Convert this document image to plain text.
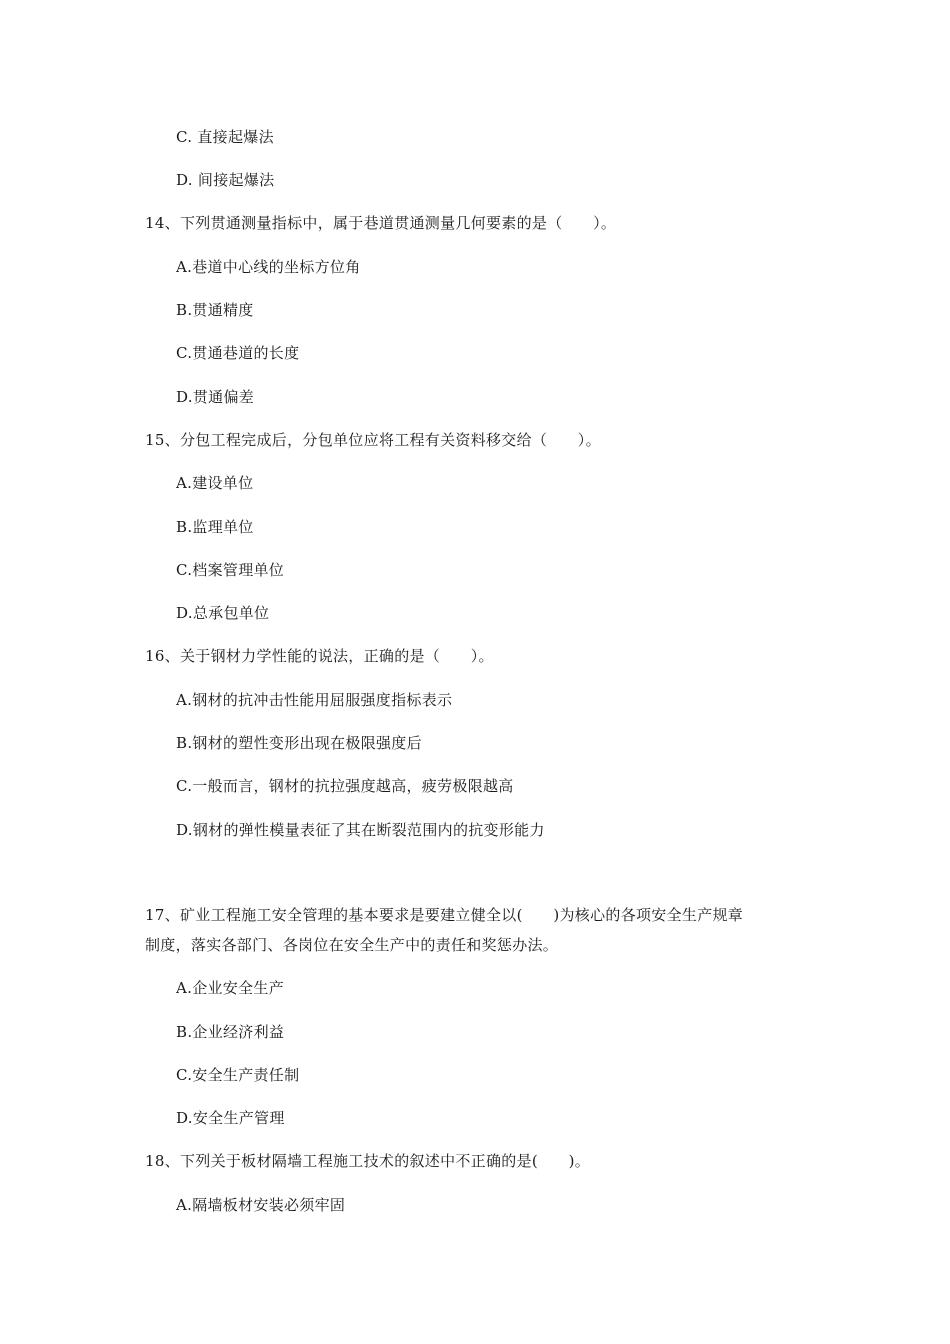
C. 直接起爆法
D. 间接起爆法
14、下列贯通测量指标中，属于巷道贯通测量几何要素的是（　　）。
A.巷道中心线的坐标方位角
B.贯通精度
C.贯通巷道的长度
D.贯通偏差
15、分包工程完成后，分包单位应将工程有关资料移交给（　　）。
A.建设单位
B.监理单位
C.档案管理单位
D.总承包单位
16、关于钢材力学性能的说法，正确的是（　　）。
A.钢材的抗冲击性能用屈服强度指标表示
B.钢材的塑性变形出现在极限强度后
C.一般而言，钢材的抗拉强度越高，疲劳极限越高
D.钢材的弹性模量表征了其在断裂范围内的抗变形能力
17、矿业工程施工安全管理的基本要求是要建立健全以(　　)为核心的各项安全生产规章
制度，落实各部门、各岗位在安全生产中的责任和奖惩办法。
A.企业安全生产
B.企业经济利益
C.安全生产责任制
D.安全生产管理
18、下列关于板材隔墙工程施工技术的叙述中不正确的是(　　)。
A.隔墙板材安装必须牢固
